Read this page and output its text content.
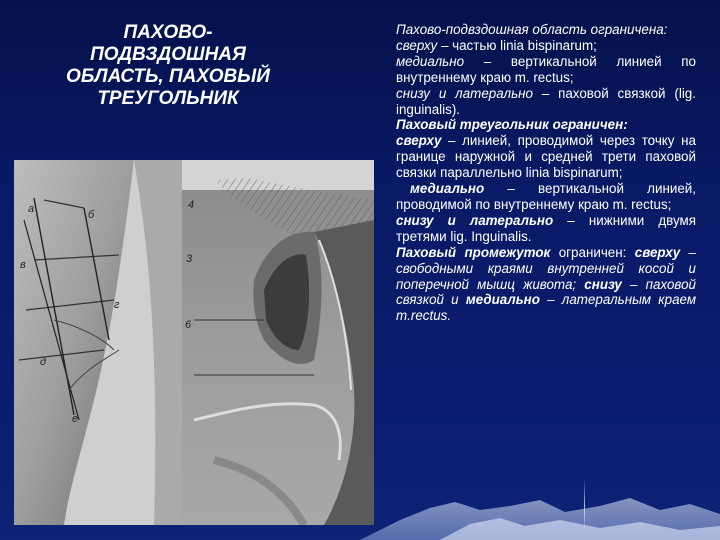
ПАХОВО-
ПОДВЗДОШНАЯ
ОБЛАСТЬ, ПАХОВЫЙ
ТРЕУГОЛЬНИК
а	б
в
г
д
е
4
3
6

Пахово-подвздошная область ограничена:

сверху – частью linia bispinarum;

медиально – вертикальной линией по внутреннему краю m. rectus;

снизу и латерально – паховой связкой (lig. inguinalis).

Паховый треугольник ограничен:

сверху – линией, проводимой через точку на границе наружной и средней трети паховой связки параллельно linia bispinarum;

медиально – вертикальной линией, проводимой по внутреннему краю m. rectus;

снизу и латерально – нижними двумя третями lig. Inguinalis.

Паховый промежуток ограничен: сверху – свободными краями внутренней косой и поперечной мышц живота; снизу – паховой связкой и медиально – латеральным краем m.rectus.
